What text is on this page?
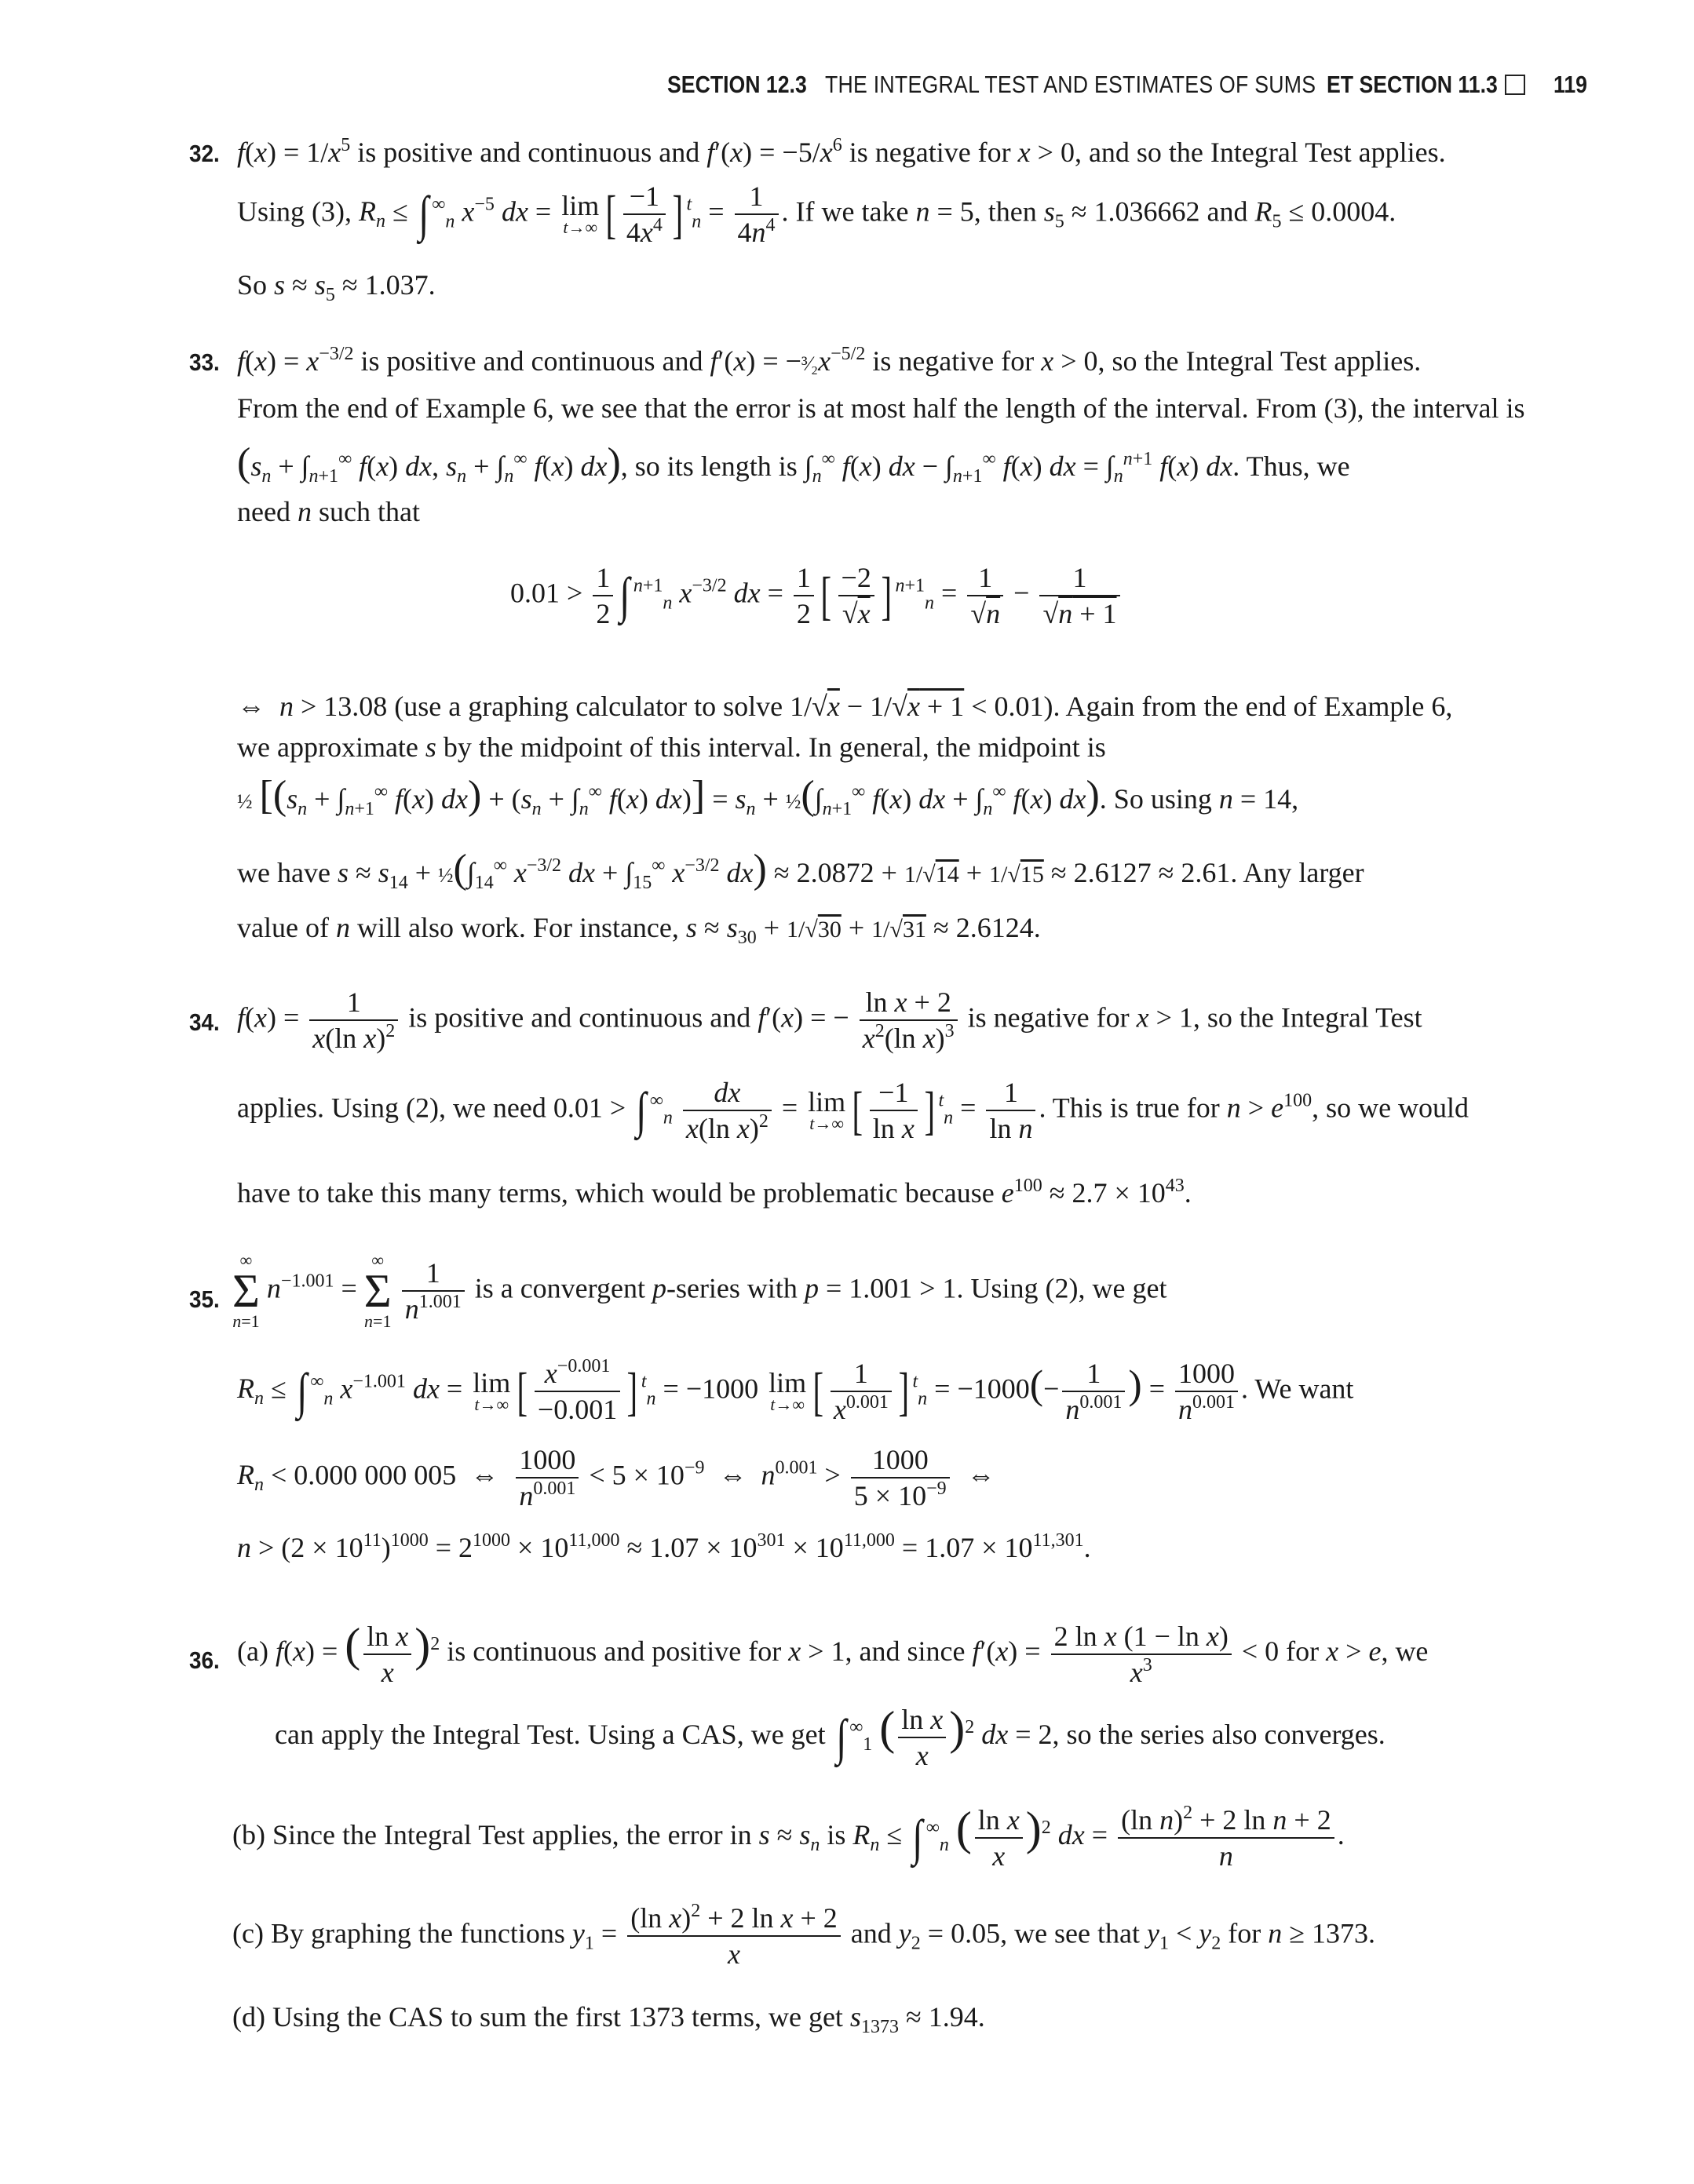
SECTION 12.3 THE INTEGRAL TEST AND ESTIMATES OF SUMS ET SECTION 11.3 119
32. $f(x) = 1/x^5$ is positive and continuous and $f'(x) = -5/x^6$ is negative for x > 0, and so the Integral Test applies.
Using (3), $R_n$ ≤ ∫ ∞$_n$ $x^{-5}$ dx = lim
t→∞ [ $\frac{-1}{4x^4}$ ] $^t_n = \frac{1}{4n^4}$ . If we take n = 5, then $s_5 \approx 1.036662$ and $R_5 \le 0.0004$.
So $s \approx s_5 \approx 1.037$.
33. $f(x) = x^{-3/2}$ is positive and continuous and $f'(x) = -^3⁄_2x^{-5/2}$ is negative for x > 0, so the Integral Test applies.
From the end of Example 6, we see that the error is at most half the length of the interval. From (3), the interval is
($s_n + \int_{n+1}^\infty$ f(x) dx, $s_n + \int_n^\infty$ f(x) dx), so its length is $\int_n^\infty$ f(x) dx − $\int_{n+1}^\infty$ f(x) dx = $\int_n^{n+1}$ f(x) dx. Thus, we
need n such that
$0.01 > \frac{1}{2}$ ∫ $^{n+1}_n$ $x^{-3/2}$ dx = $\frac{1}{2}$ [ $\frac{-2}{√x}$ ] $^{n+1}_n = \frac{1}{√n} - \frac{1}{√n + 1}$
⇔  n > 13.08 (use a graphing calculator to solve 1/√x − 1/√x + 1 < 0.01). Again from the end of Example 6,
we approximate s by the midpoint of this interval. In general, the midpoint is
½ [($s_n + \int_{n+1}^\infty$ f(x) $dx) + (s_n + \int_n^\infty$ f(x) $dx)] = s_n$ + $\frac{1}{2}(\int_{n+1}^\infty$ f(x) dx + $\int_n^\infty$ f(x) dx). So using n = 14,
we have $s \approx s_{14}$ + $\frac{1}{2}(\int_{14}^\infty$ $x^{-3/2}$ dx + $\int_{15}^\infty$ $x^{-3/2}$ dx) ≈ 2.0872 + 1/√14 + 1/√15 ≈ 2.6127 ≈ 2.61. Any larger
value of n will also work. For instance, $s \approx s_{30} + 1/√30 + 1/√31 \approx 2.6124$.
34. $f(x) = \frac{1}{x(\ln x)^2}$ is positive and continuous and f′(x) = − $\frac{\text{ln x + 2}}{x^2(\ln x)^3}$ is negative for x > 1, so the Integral Test
applies. Using (2), we need 0.01 > ∫ $^\infty_n \frac{dx}{x(\ln x)^2} = \lim$
t→∞ [ $\frac{-1}{\text{ln x}}$ ] $^t_n = \frac{1}{\text{ln n}}$ . This is true for $n > e^{100}$, so we would
have to take this many terms, which would be problematic because $e^{100} \approx 2.7 \times 10^{43}$.
35.
∞
Σ
n=1
$n^{-1.001}$ =
∞
Σ
n=1
$\frac{1}{n^{1.001}}$ is a convergent p-series with p = 1.001 > 1. Using (2), we get
$R_n$ ≤ ∫ ∞$_n$ $x^{-1.001}$ dx = lim
t→∞ [ $\frac{x^{-0.001}}{-0.001}$ ] $^t_n$ = −1000 lim
t→∞ [ $\frac{1}{x^{0.001}}$ ] $^t_n = -1000(- \frac{1}{n^{0.001}}$ ) = $\frac{1000}{n^{0.001}}$ . We want
$R_n < 0.000$ 000 005  ⇔ $\frac{1000}{n^{0.001}} < 5 \times 10^{-9}$  ⇔  $n^{0.001} > \frac{1000}{5 \times 10^{-9}}$ ⇔
$n > (2 \times 10^{11})^{1000} = 2^{1000} \times 10^{11,000} \approx 1.07 \times 10^{301} \times 10^{11,000} = 1.07 \times 10^{11,301}$.
36. (a) f(x) = ( $\frac{\text{ln x}}{x} )^2$ is continuous and positive for x > 1, and since $f'(x) = \frac{\text{2 ln x (1 − ln x)}}{x^3} < 0$ for x > e, we
can apply the Integral Test. Using a CAS, we get ∫ ∞$_1$ ( $\frac{\text{ln x}}{x} )^2$ dx = 2, so the series also converges.
(b) Since the Integral Test applies, the error in $s \approx s_n$ is $R_n$ ≤ ∫ ∞$_n$ ( $\frac{\text{ln x}}{x} )^2$ dx = $\frac{(\ln n)^2 + 2 \ln n + 2}{n}$ .
(c) By graphing the functions $y_1 = \frac{(\ln x)^2 + 2 \ln x + 2}{x}$ and $y_2 = 0.05$, we see that $y_1 < y_2$ for n ≥ 1373.
(d) Using the CAS to sum the first 1373 terms, we get $s_{1373} \approx 1.94$.
